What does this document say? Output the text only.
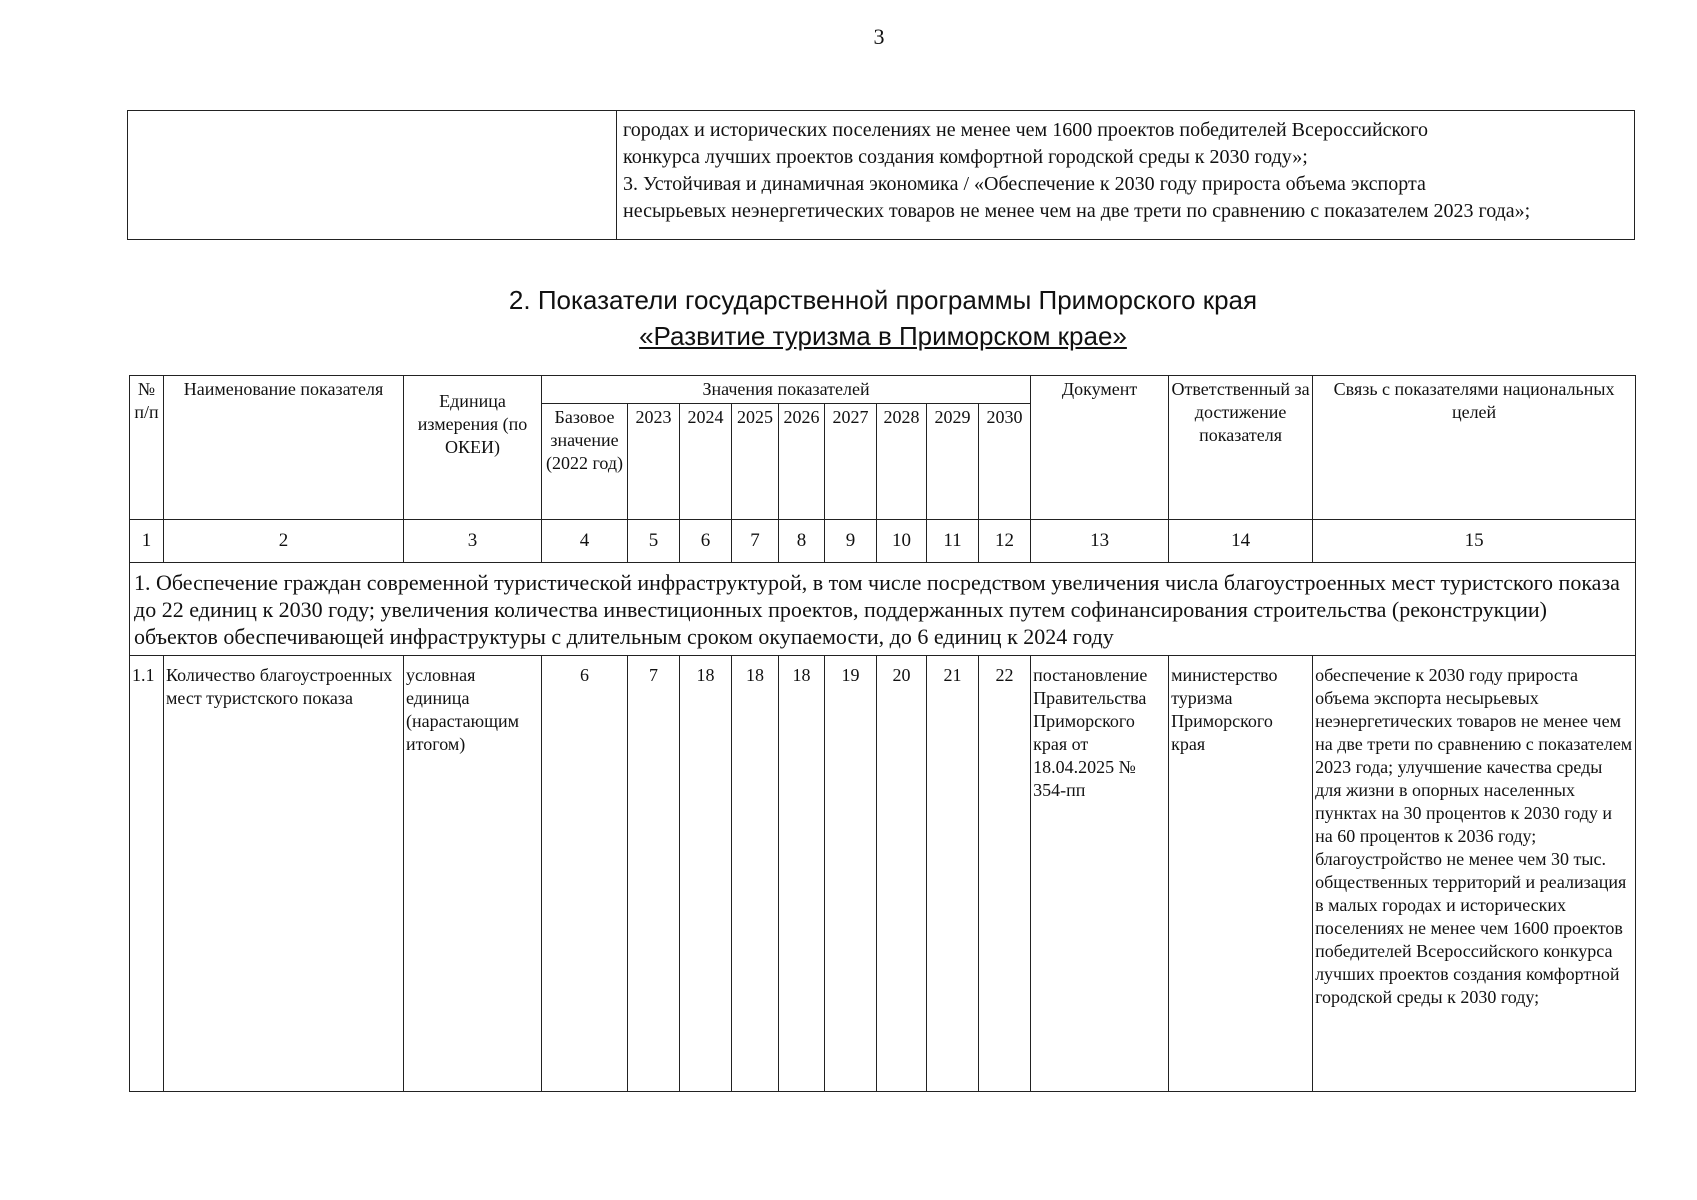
3

городах и исторических поселениях не менее чем 1600 проектов победителей Всероссийского
конкурса лучших проектов создания комфортной городской среды к 2030 году»;
3. Устойчивая и динамичная экономика / «Обеспечение к 2030 году прироста объема экспорта
несырьевых неэнергетических товаров не менее чем на две трети по сравнению с показателем 2023 года»;
2. Показатели государственной программы Приморского края
«Развитие туризма в Приморском крае»
№ п/п	Наименование показателя	Единица измерения (по ОКЕИ)	Значения показателей									Документ	Ответственный за достижение показателя	Связь с показателями национальных целей
			Базовое значение (2022 год)	2023	2024	2025	2026	2027	2028	2029	2030			
1	2	3	4	5	6	7	8	9	10	11	12	13	14	15
1. Обеспечение граждан современной туристической инфраструктурой, в том числе посредством увеличения числа благоустроенных мест туристского показа до 22 единиц к 2030 году; увеличения количества инвестиционных проектов, поддержанных путем софинансирования строительства (реконструкции) объектов обеспечивающей инфраструктуры с длительным сроком окупаемости, до 6 единиц к 2024 году														
1.1	Количество благоустроенных мест туристского показа	условная единица (нарастающим итогом)	6	7	18	18	18	19	20	21	22	постановление Правительства Приморского края от 18.04.2025 № 354-пп	министерство туризма Приморского края	обеспечение к 2030 году прироста объема экспорта несырьевых неэнергетических товаров не менее чем на две трети по сравнению с показателем 2023 года; улучшение качества среды для жизни в опорных населенных пунктах на 30 процентов к 2030 году и на 60 процентов к 2036 году; благоустройство не менее чем 30 тыс. общественных территорий и реализация в малых городах и исторических поселениях не менее чем 1600 проектов победителей Всероссийского конкурса лучших проектов создания комфортной городской среды к 2030 году;
